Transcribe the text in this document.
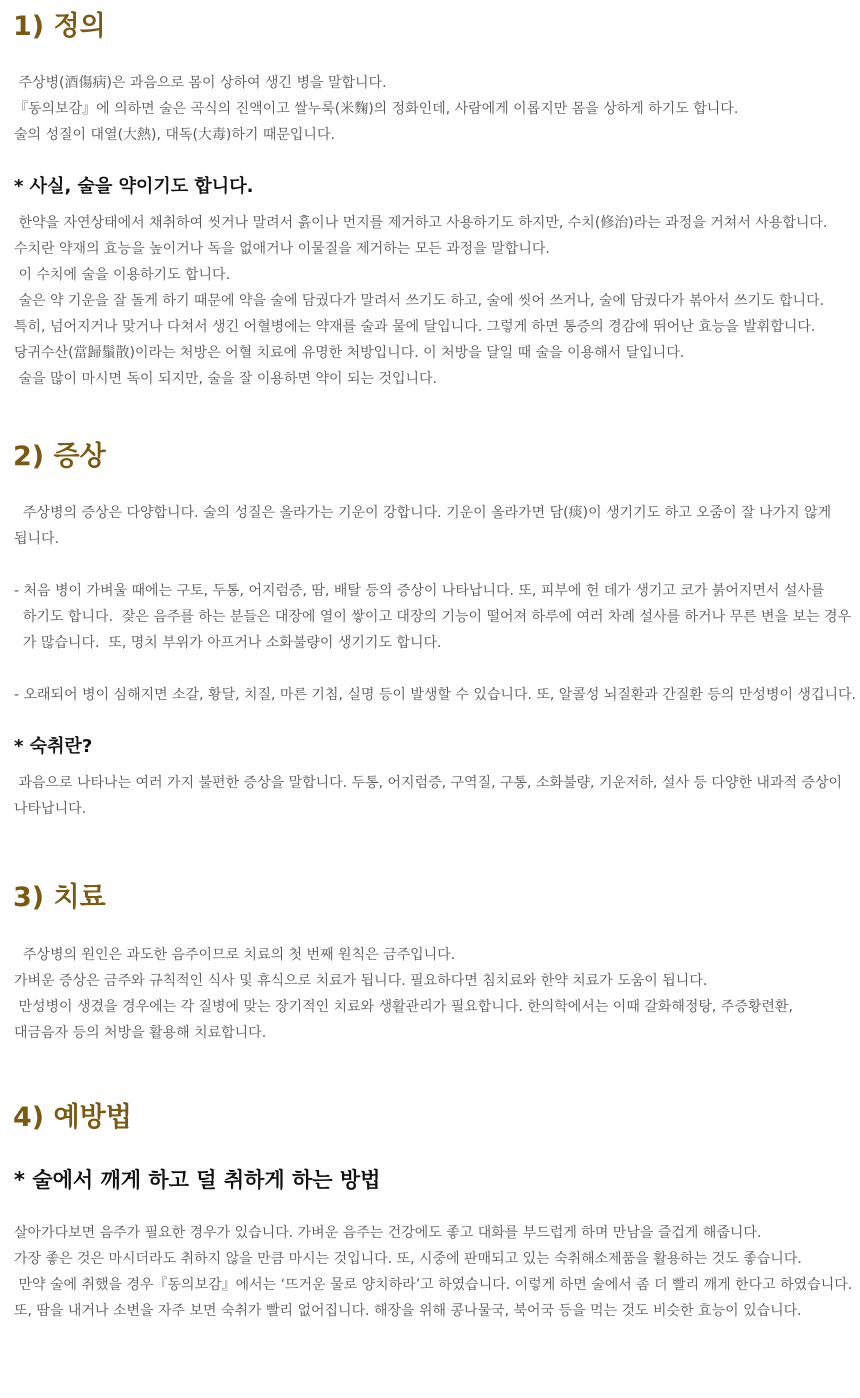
1) 정의
주상병(酒傷病)은 과음으로 몸이 상하여 생긴 병을 말합니다.
『동의보감』에 의하면 술은 곡식의 진액이고 쌀누룩(米麴)의 정화인데, 사람에게 이롭지만 몸을 상하게 하기도 합니다.
술의 성질이 대열(大熱), 대독(大毒)하기 때문입니다.
* 사실, 술을 약이기도 합니다.
한약을 자연상태에서 채취하여 씻거나 말려서 흙이나 먼지를 제거하고 사용하기도 하지만, 수치(修治)라는 과정을 거쳐서 사용합니다.
수치란 약재의 효능을 높이거나 독을 없애거나 이물질을 제거하는 모든 과정을 말합니다.
이 수치에 술을 이용하기도 합니다.
술은 약 기운을 잘 돌게 하기 때문에 약을 술에 담궜다가 말려서 쓰기도 하고, 술에 씻어 쓰거나, 술에 담궜다가 볶아서 쓰기도 합니다.
특히, 넘어지거나 맞거나 다쳐서 생긴 어혈병에는 약재를 술과 물에 달입니다. 그렇게 하면 통증의 경감에 뛰어난 효능을 발휘합니다.
당귀수산(當歸鬚散)이라는 처방은 어혈 치료에 유명한 처방입니다. 이 처방을 달일 때 술을 이용해서 달입니다.
술을 많이 마시면 독이 되지만, 술을 잘 이용하면 약이 되는 것입니다.
2) 증상
주상병의 증상은 다양합니다. 술의 성질은 올라가는 기운이 강합니다. 기운이 올라가면 담(痰)이 생기기도 하고 오줌이 잘 나가지 않게
됩니다.
- 처음 병이 가벼울 때에는 구토, 두통, 어지럼증, 땀, 배탈 등의 증상이 나타납니다. 또, 피부에 헌 데가 생기고 코가 붉어지면서 설사를
하기도 합니다.  잦은 음주를 하는 분들은 대장에 열이 쌓이고 대장의 기능이 떨어져 하루에 여러 차례 설사를 하거나 무른 변을 보는 경우
가 많습니다.  또, 명치 부위가 아프거나 소화불량이 생기기도 합니다.
- 오래되어 병이 심해지면 소갈, 황달, 치질, 마른 기침, 실명 등이 발생할 수 있습니다. 또, 알콜성 뇌질환과 간질환 등의 만성병이 생깁니다.
* 숙취란?
과음으로 나타나는 여러 가지 불편한 증상을 말합니다. 두통, 어지럼증, 구역질, 구통, 소화불량, 기운저하, 설사 등 다양한 내과적 증상이
나타납니다.
3) 치료
주상병의 원인은 과도한 음주이므로 치료의 첫 번째 원칙은 금주입니다.
가벼운 증상은 금주와 규칙적인 식사 및 휴식으로 치료가 됩니다. 필요하다면 침치료와 한약 치료가 도움이 됩니다.
만성병이 생겼을 경우에는 각 질병에 맞는 장기적인 치료와 생활관리가 필요합니다. 한의학에서는 이때 갈화해정탕, 주증황련환,
대금음자 등의 처방을 활용해 치료합니다.
4) 예방법
* 술에서 깨게 하고 덜 취하게 하는 방법
살아가다보면 음주가 필요한 경우가 있습니다. 가벼운 음주는 건강에도 좋고 대화를 부드럽게 하며 만남을 즐겁게 해줍니다.
가장 좋은 것은 마시더라도 취하지 않을 만큼 마시는 것입니다. 또, 시중에 판매되고 있는 숙취해소제품을 활용하는 것도 좋습니다.
만약 술에 취했을 경우『동의보감』에서는 ‘뜨거운 물로 양치하라’고 하였습니다. 이렇게 하면 술에서 좀 더 빨리 깨게 한다고 하였습니다.
또, 땀을 내거나 소변을 자주 보면 숙취가 빨리 없어집니다. 해장을 위해 콩나물국, 북어국 등을 먹는 것도 비슷한 효능이 있습니다.
